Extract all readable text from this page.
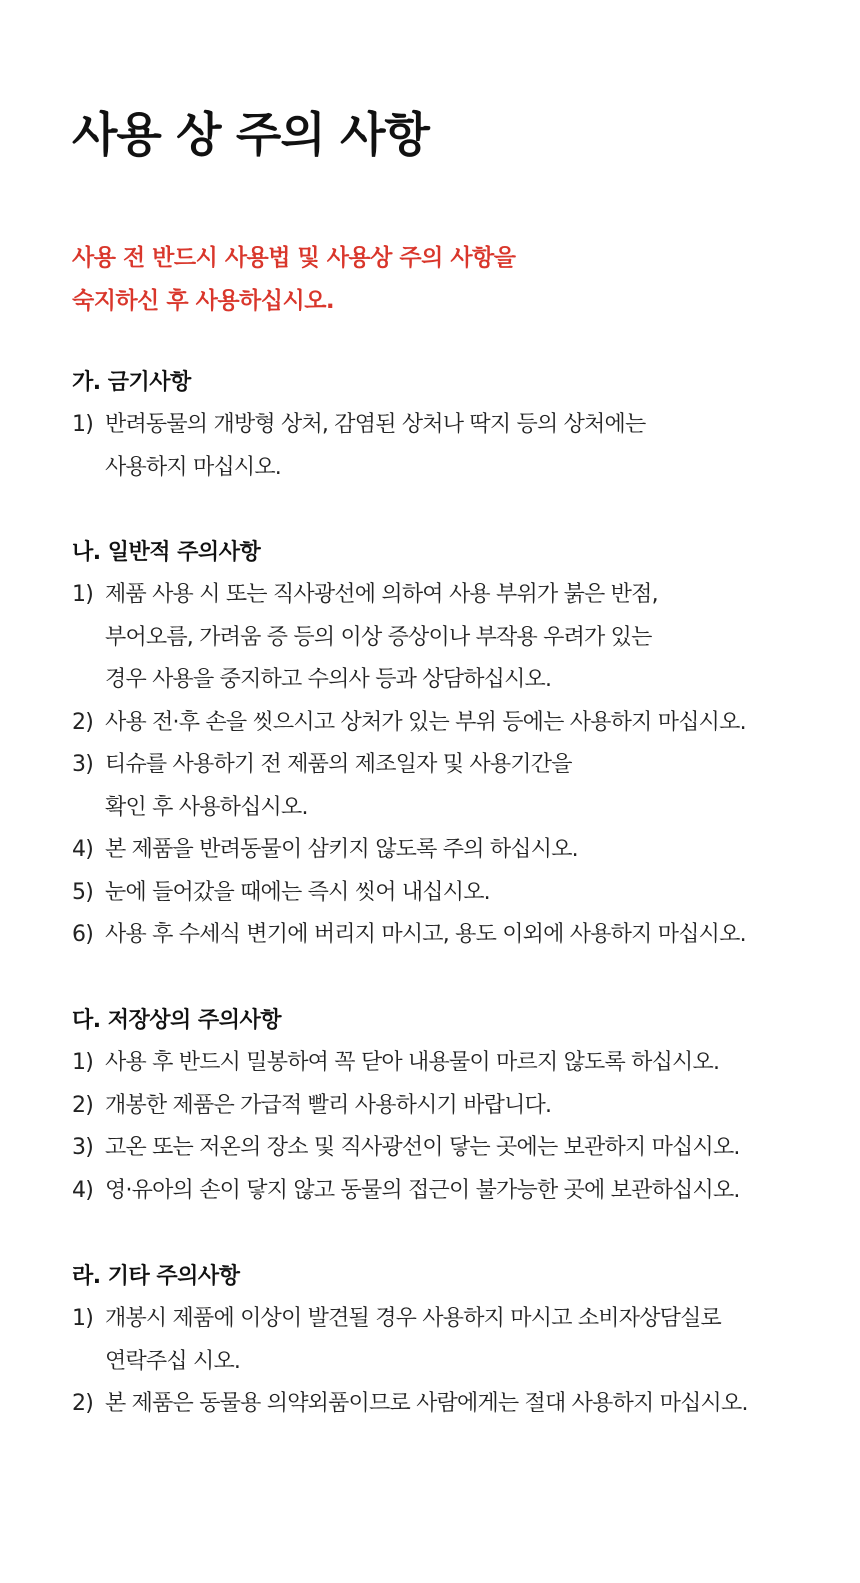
사용 상 주의 사항

사용 전 반드시 사용법 및 사용상 주의 사항을
숙지하신 후 사용하십시오.

가. 금기사항
1) 반려동물의 개방형 상처, 감염된 상처나 딱지 등의 상처에는
사용하지 마십시오.
나. 일반적 주의사항
1) 제품 사용 시 또는 직사광선에 의하여 사용 부위가 붉은 반점,
부어오름, 가려움 증 등의 이상 증상이나 부작용 우려가 있는
경우 사용을 중지하고 수의사 등과 상담하십시오.
2) 사용 전·후 손을 씻으시고 상처가 있는 부위 등에는 사용하지 마십시오.
3) 티슈를 사용하기 전 제품의 제조일자 및 사용기간을
확인 후 사용하십시오.
4) 본 제품을 반려동물이 삼키지 않도록 주의 하십시오.
5) 눈에 들어갔을 때에는 즉시 씻어 내십시오.
6) 사용 후 수세식 변기에 버리지 마시고, 용도 이외에 사용하지 마십시오.
다. 저장상의 주의사항
1) 사용 후 반드시 밀봉하여 꼭 닫아 내용물이 마르지 않도록 하십시오.
2) 개봉한 제품은 가급적 빨리 사용하시기 바랍니다.
3) 고온 또는 저온의 장소 및 직사광선이 닿는 곳에는 보관하지 마십시오.
4) 영·유아의 손이 닿지 않고 동물의 접근이 불가능한 곳에 보관하십시오.
라. 기타 주의사항
1) 개봉시 제품에 이상이 발견될 경우 사용하지 마시고 소비자상담실로
연락주십 시오.
2) 본 제품은 동물용 의약외품이므로 사람에게는 절대 사용하지 마십시오.
